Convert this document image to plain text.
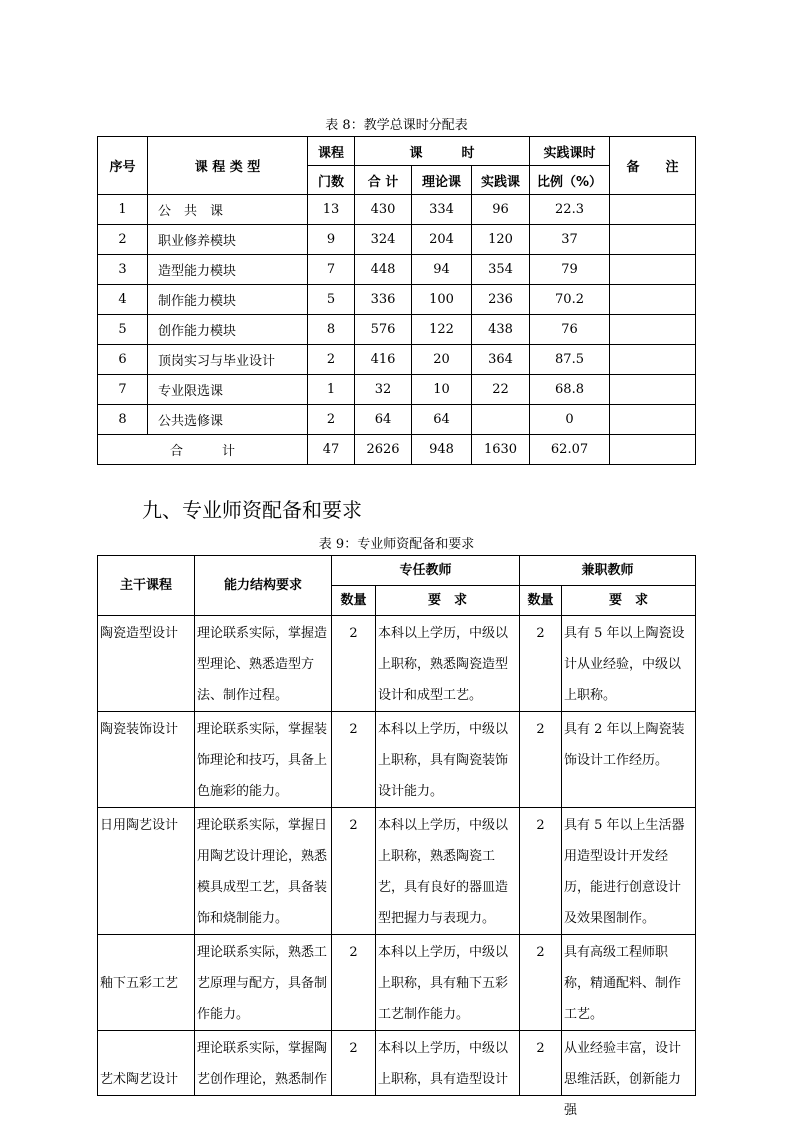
表 8：教学总课时分配表
序号	课 程 类 型	课程	课　　　时			实践课时	备　　注
		门数	合 计	理论课	实践课	比例（%）	
1	公　共　课	13	430	334	96	22.3	
2	职业修养模块	9	324	204	120	37	
3	造型能力模块	7	448	94	354	79	
4	制作能力模块	5	336	100	236	70.2	
5	创作能力模块	8	576	122	438	76	
6	顶岗实习与毕业设计	2	416	20	364	87.5	
7	专业限选课	1	32	10	22	68.8	
8	公共选修课	2	64	64		0	
合　　　计		47	2626	948	1630	62.07	
九、专业师资配备和要求
表 9：专业师资配备和要求
主干课程	能力结构要求	专任教师		兼职教师	
		数量	要　求	数量	要　求
陶瓷造型设计	理论联系实际，掌握造型理论、熟悉造型方法、制作过程。	2	本科以上学历，中级以上职称，熟悉陶瓷造型设计和成型工艺。	2	具有 5 年以上陶瓷设计从业经验，中级以上职称。
陶瓷装饰设计	理论联系实际，掌握装饰理论和技巧，具备上色施彩的能力。	2	本科以上学历，中级以上职称，具有陶瓷装饰设计能力。	2	具有 2 年以上陶瓷装饰设计工作经历。
日用陶艺设计	理论联系实际，掌握日用陶艺设计理论，熟悉模具成型工艺，具备装饰和烧制能力。	2	本科以上学历，中级以上职称，熟悉陶瓷工艺，具有良好的器皿造型把握力与表现力。	2	具有 5 年以上生活器用造型设计开发经历，能进行创意设计及效果图制作。
釉下五彩工艺	理论联系实际，熟悉工艺原理与配方，具备制作能力。	2	本科以上学历，中级以上职称，具有釉下五彩工艺制作能力。	2	具有高级工程师职称，精通配料、制作工艺。
艺术陶艺设计	理论联系实际，掌握陶艺创作理论，熟悉制作	2	本科以上学历，中级以上职称，具有造型设计	2	从业经验丰富，设计思维活跃，创新能力强
